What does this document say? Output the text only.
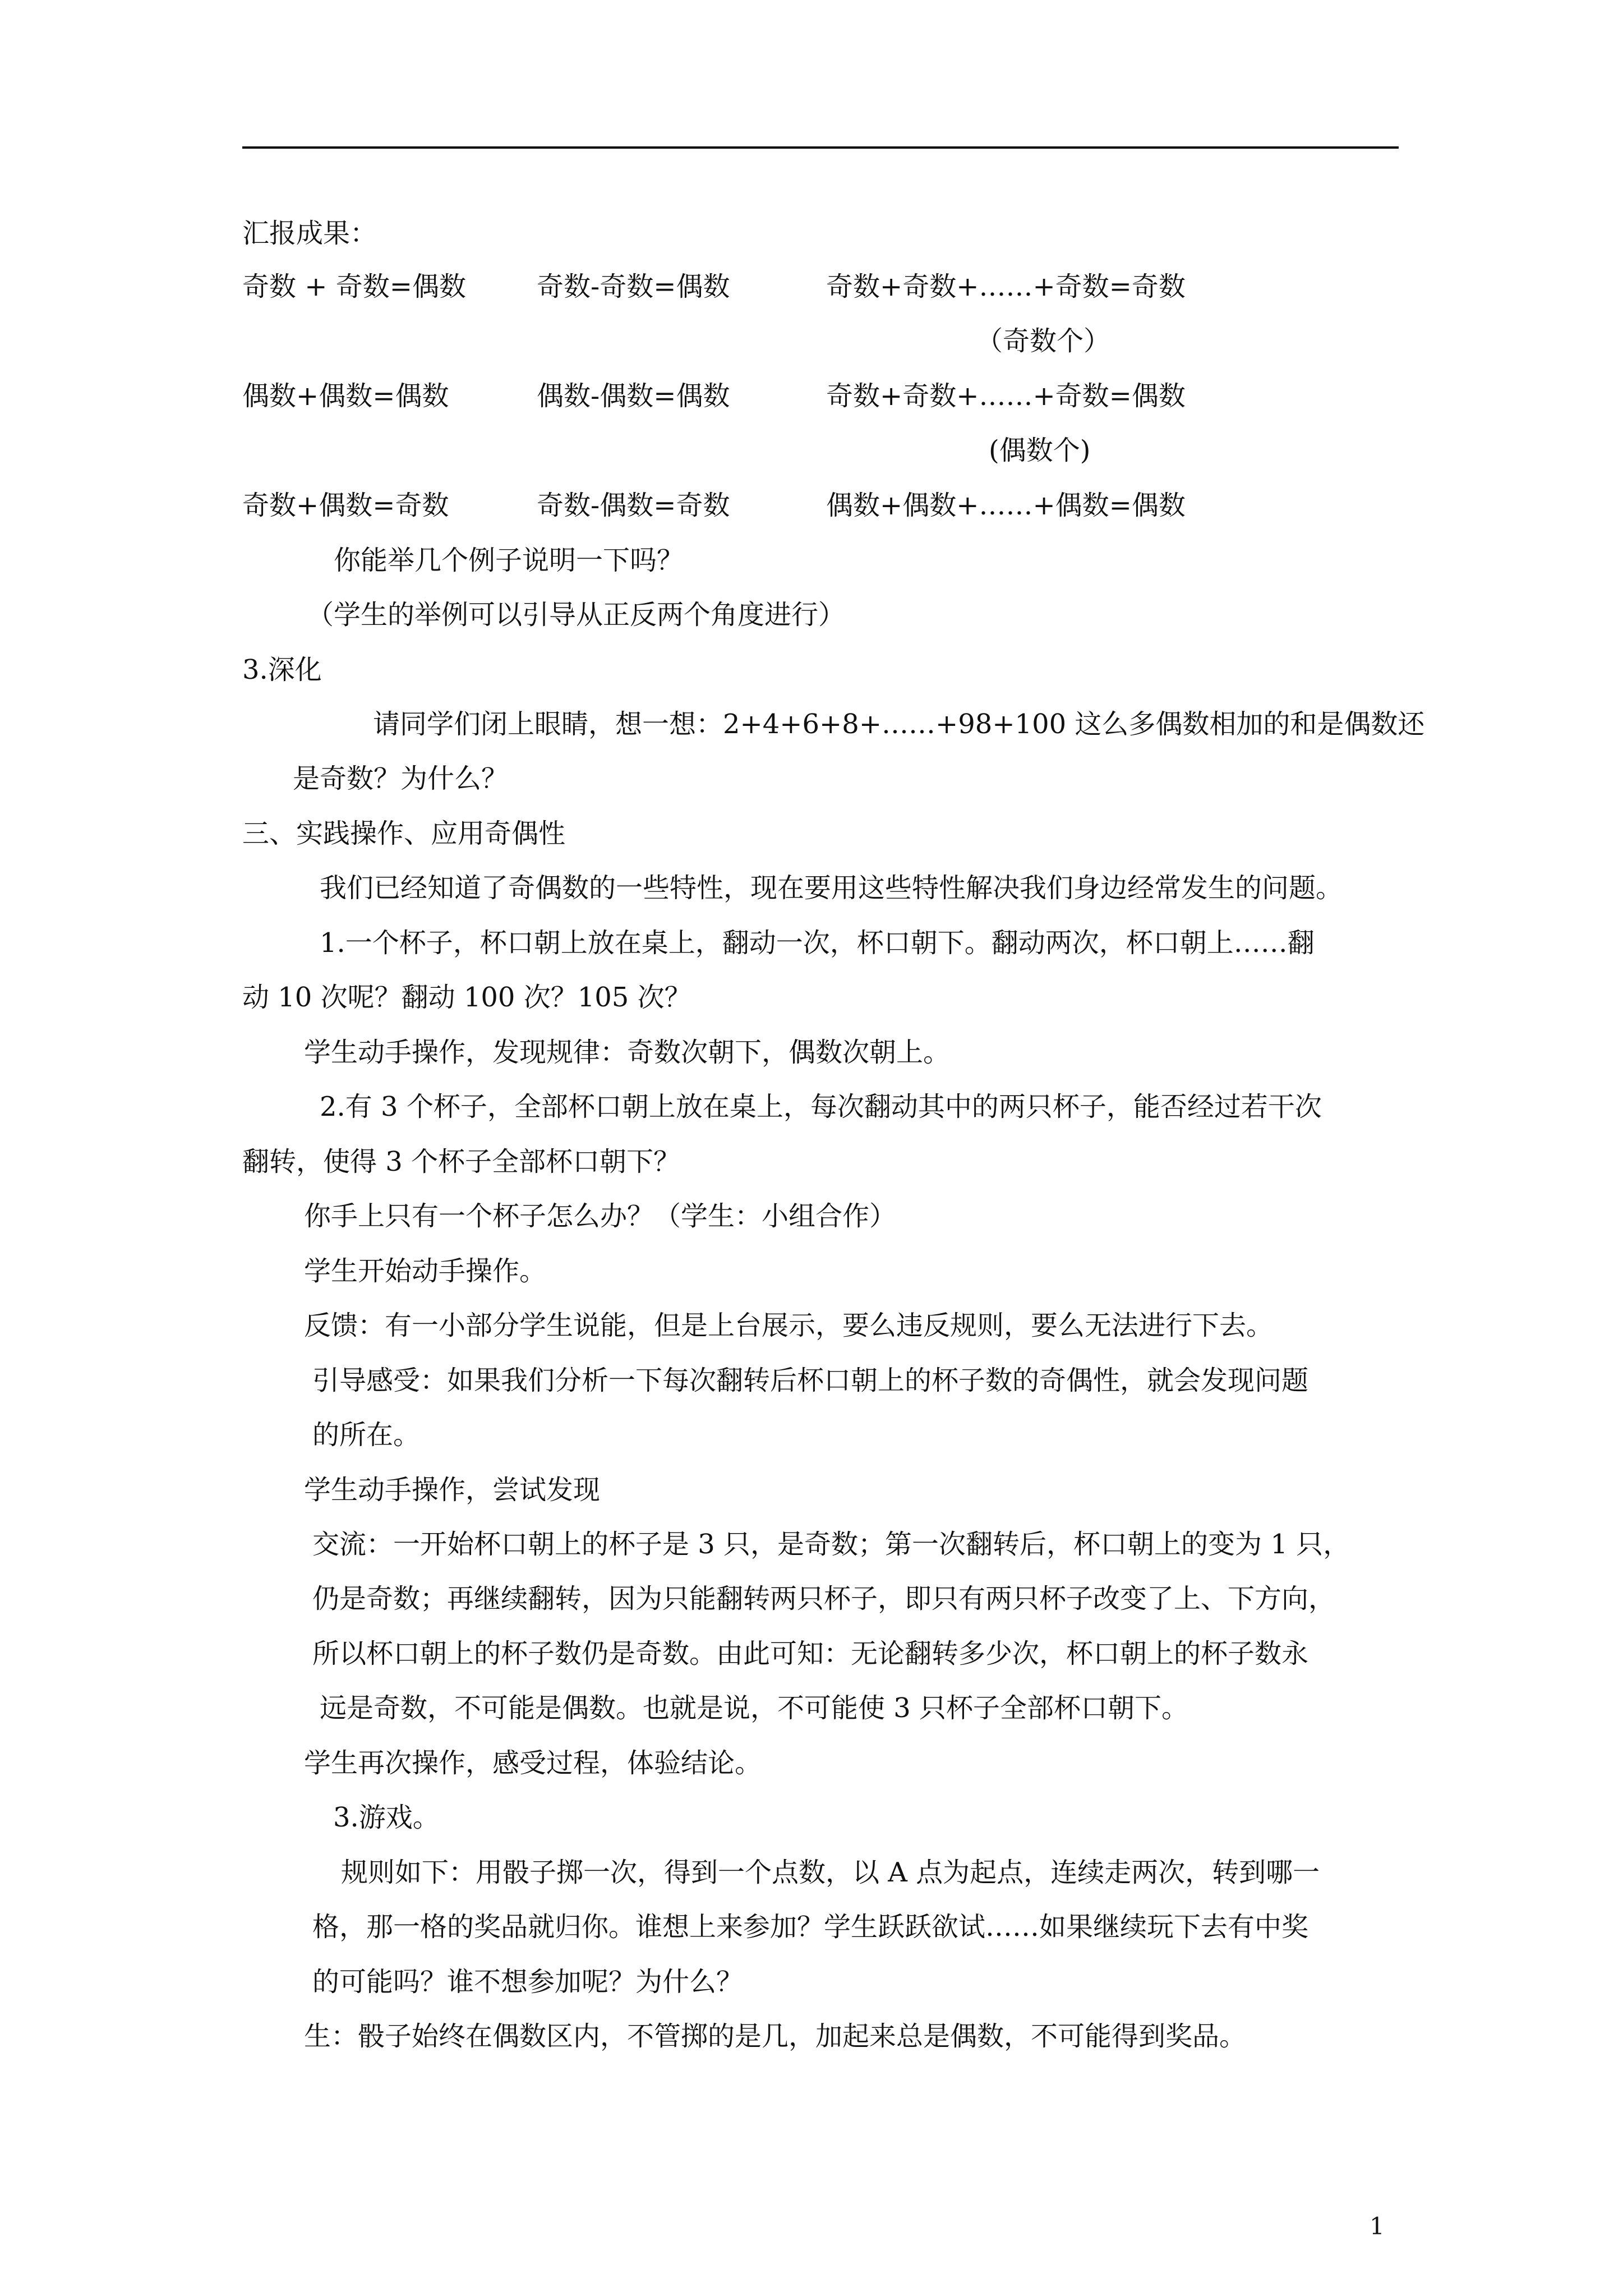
汇报成果：
奇数 + 奇数=偶数	奇数-奇数=偶数	奇数+奇数+……+奇数=奇数
（奇数个）
偶数+偶数=偶数	偶数-偶数=偶数	奇数+奇数+……+奇数=偶数
(偶数个)
奇数+偶数=奇数	奇数-偶数=奇数	偶数+偶数+……+偶数=偶数
你能举几个例子说明一下吗？
（学生的举例可以引导从正反两个角度进行）
3.深化
请同学们闭上眼睛，想一想：2+4+6+8+……+98+100 这么多偶数相加的和是偶数还
是奇数？为什么？
三、实践操作、应用奇偶性
我们已经知道了奇偶数的一些特性，现在要用这些特性解决我们身边经常发生的问题。
1.一个杯子，杯口朝上放在桌上，翻动一次，杯口朝下。翻动两次，杯口朝上……翻
动 10 次呢？翻动 100 次？105 次？
学生动手操作，发现规律：奇数次朝下，偶数次朝上。
2.有 3 个杯子，全部杯口朝上放在桌上，每次翻动其中的两只杯子，能否经过若干次
翻转，使得 3 个杯子全部杯口朝下？
你手上只有一个杯子怎么办？（学生：小组合作）
学生开始动手操作。
反馈：有一小部分学生说能，但是上台展示，要么违反规则，要么无法进行下去。
引导感受：如果我们分析一下每次翻转后杯口朝上的杯子数的奇偶性，就会发现问题
的所在。
学生动手操作，尝试发现
交流：一开始杯口朝上的杯子是 3 只，是奇数；第一次翻转后，杯口朝上的变为 1 只，
仍是奇数；再继续翻转，因为只能翻转两只杯子，即只有两只杯子改变了上、下方向，
所以杯口朝上的杯子数仍是奇数。由此可知：无论翻转多少次，杯口朝上的杯子数永
远是奇数，不可能是偶数。也就是说，不可能使 3 只杯子全部杯口朝下。
学生再次操作，感受过程，体验结论。
3.游戏。
规则如下：用骰子掷一次，得到一个点数，以 A 点为起点，连续走两次，转到哪一
格，那一格的奖品就归你。谁想上来参加？学生跃跃欲试……如果继续玩下去有中奖
的可能吗？谁不想参加呢？为什么？
生：骰子始终在偶数区内，不管掷的是几，加起来总是偶数，不可能得到奖品。
1
